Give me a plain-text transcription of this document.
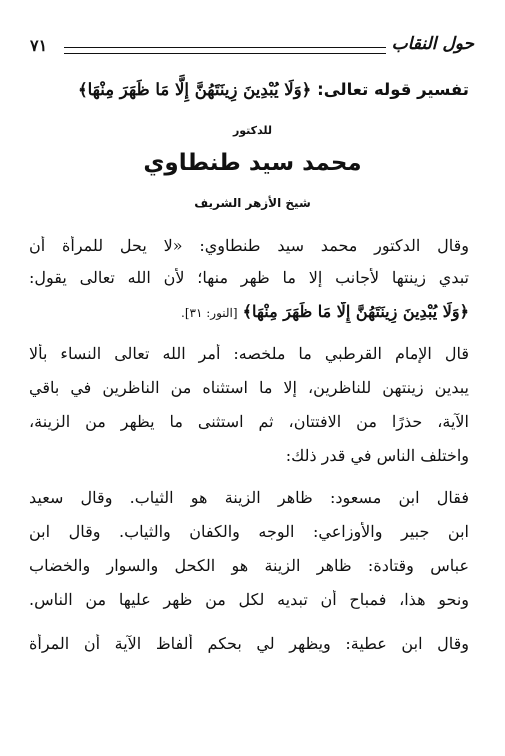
حول النقاب
٧١
تفسير قوله تعالى: ﴿وَلَا يُبْدِينَ زِينَتَهُنَّ إِلَّا مَا ظَهَرَ مِنْهَا﴾
للدكتور
محمد سيد طنطاوي
شيخ الأزهر الشريف
وقال الدكتور محمد سيد طنطاوي: «لا يحل للمرأة أن
تبدي زينتها لأجانب إلا ما ظهر منها؛ لأن الله تعالى يقول:
﴿وَلَا يُبْدِينَ زِينَتَهُنَّ إِلَّا مَا ظَهَرَ مِنْهَا﴾ [النور: ٣١].
قال الإمام القرطبي ما ملخصه: أمر الله تعالى النساء بألا
يبدين زينتهن للناظرين، إلا ما استثناه من الناظرين في باقي
الآية، حذرًا من الافتتان، ثم استثنى ما يظهر من الزينة،
واختلف الناس في قدر ذلك:
فقال ابن مسعود: ظاهر الزينة هو الثياب. وقال سعيد
ابن جبير والأوزاعي: الوجه والكفان والثياب. وقال ابن
عباس وقتادة: ظاهر الزينة هو الكحل والسوار والخضاب
ونحو هذا، فمباح أن تبديه لكل من ظهر عليها من الناس.
وقال ابن عطية: ويظهر لي بحكم ألفاظ الآية أن المرأة
